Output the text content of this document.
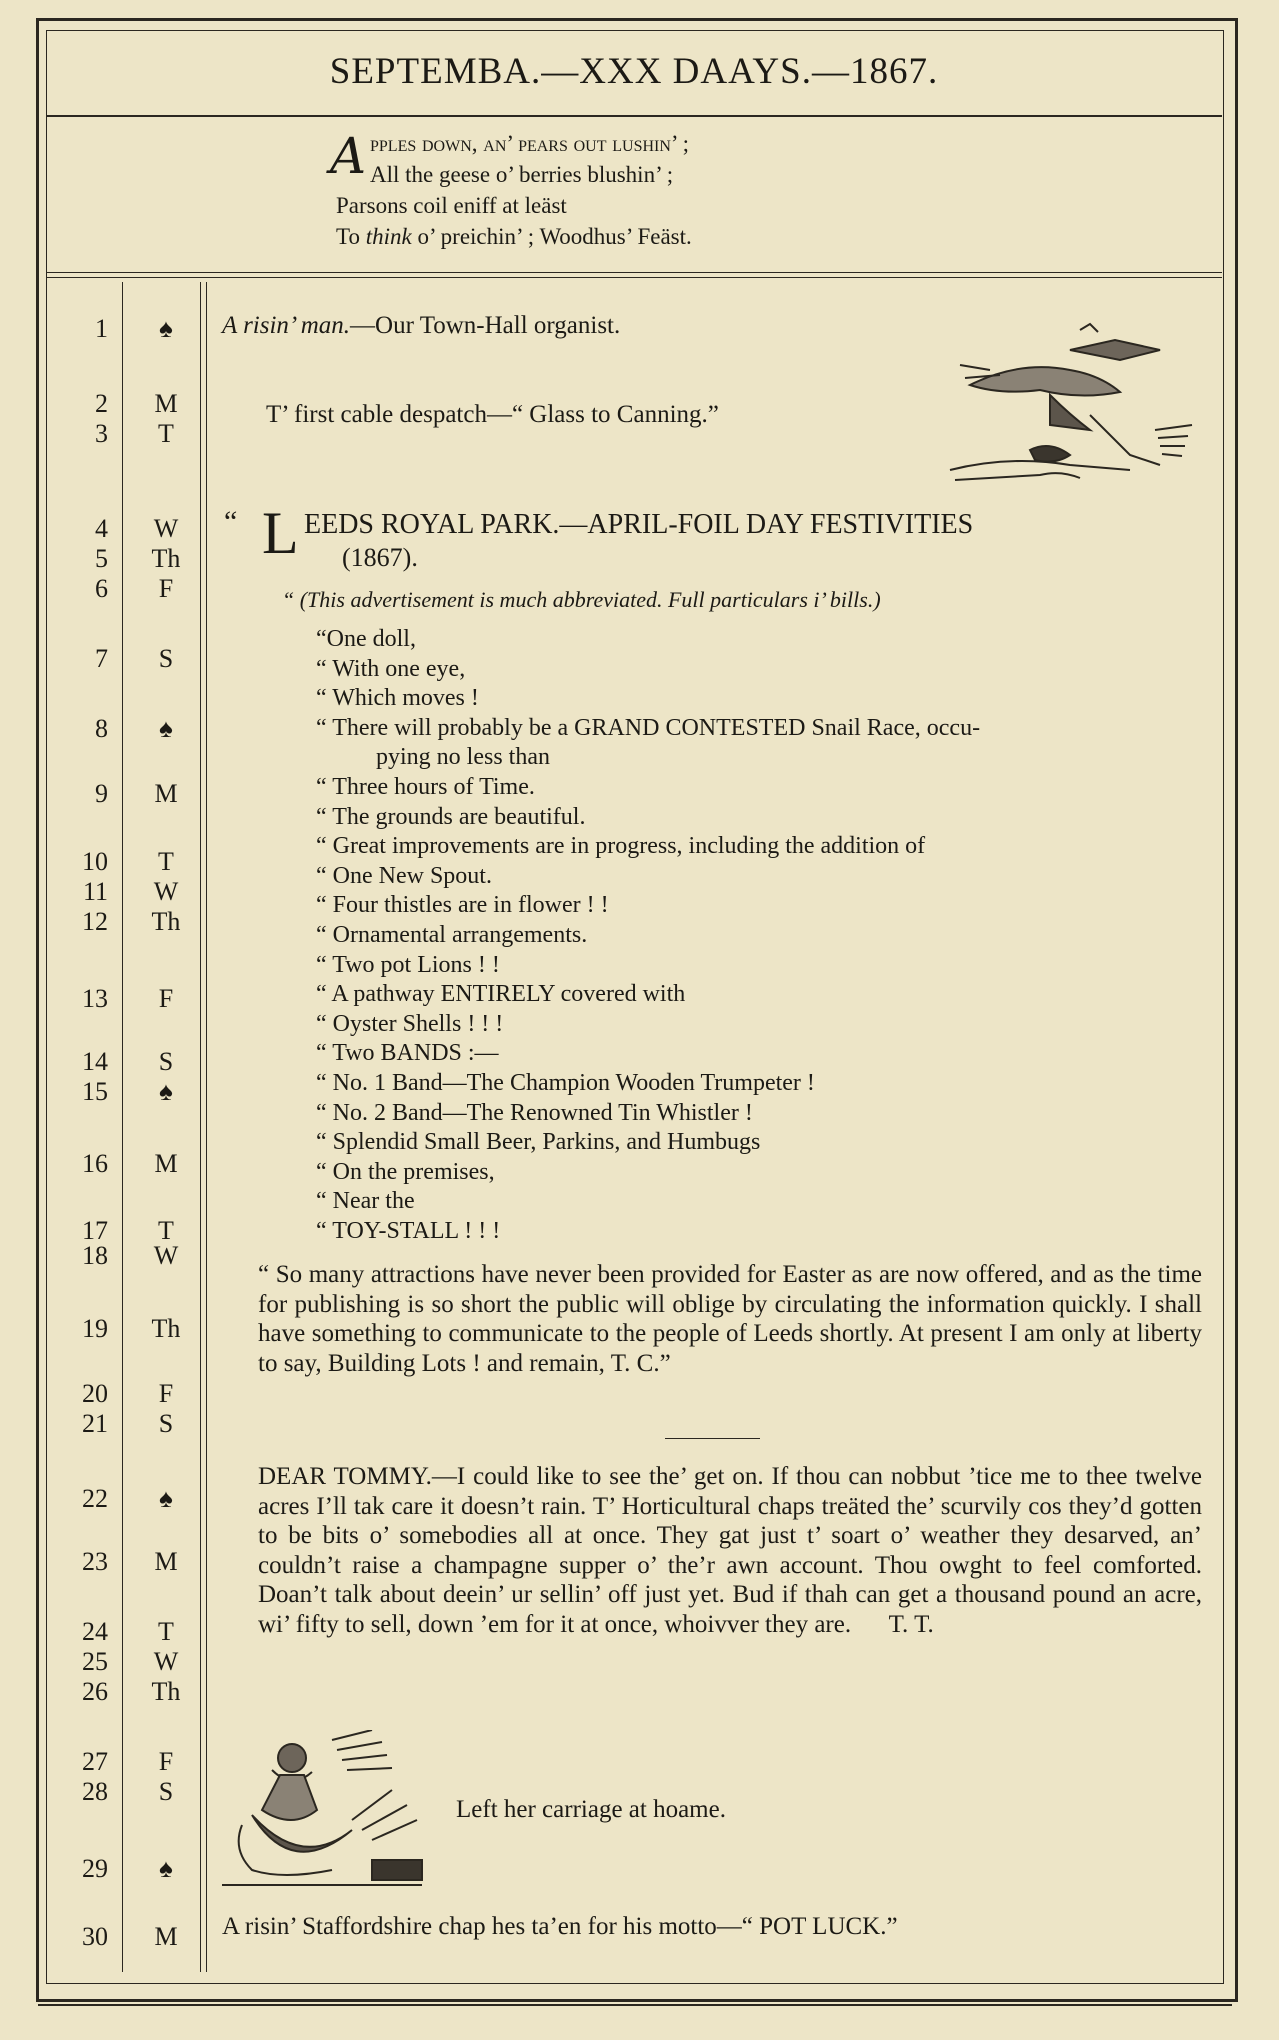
SEPTEMBA.—XXX DAAYS.—1867.
pples down, an’ pears out lushin’ ;
All the geese o’ berries blushin’ ;
Parsons coil eniff at leäst
To think o’ preichin’ ; Woodhus’ Feäst.
A
1	♠
2	M
3	T
4	W
5	Th
6	F
7	S
8	♠
9	M
10	T
11	W
12	Th
13	F
14	S
15	♠
16	M
17	T
18	W
19	Th
20	F
21	S
22	♠
23	M
24	T
25	W
26	Th
27	F
28	S
29	♠
30	M
A risin’ man.—Our Town-Hall organist.
T’ first cable despatch—“ Glass to Canning.”
“ L EEDS ROYAL PARK.—APRIL-FOIL DAY FESTIVITIES
(1867).
“ (This advertisement is much abbreviated. Full particulars i’ bills.)
“One doll,
“ With one eye,
“ Which moves !
“ There will probably be a GRAND CONTESTED Snail Race, occu-
pying no less than
“ Three hours of Time.
“ The grounds are beautiful.
“ Great improvements are in progress, including the addition of
“ One New Spout.
“ Four thistles are in flower ! !
“ Ornamental arrangements.
“ Two pot Lions ! !
“ A pathway ENTIRELY covered with
“ Oyster Shells ! ! !
“ Two BANDS :—
“ No. 1 Band—The Champion Wooden Trumpeter !
“ No. 2 Band—The Renowned Tin Whistler !
“ Splendid Small Beer, Parkins, and Humbugs
“ On the premises,
“ Near the
“ TOY-STALL ! ! !
“ So many attractions have never been provided for Easter as are now offered, and as the time for publishing is so short the public will oblige by circulating the information quickly. I shall have something to communicate to the people of Leeds shortly. At present I am only at liberty to say, Building Lots ! and remain, T. C.”
DEAR TOMMY.—I could like to see the’ get on. If thou can nobbut ’tice me to thee twelve acres I’ll tak care it doesn’t rain. T’ Horticultural chaps treäted the’ scurvily cos they’d gotten to be bits o’ somebodies all at once. They gat just t’ soart o’ weather they desarved, an’ couldn’t raise a champagne supper o’ the’r awn account. Thou owght to feel comforted. Doan’t talk about deein’ ur sellin’ off just yet. Bud if thah can get a thousand pound an acre, wi’ fifty to sell, down ’em for it at once, whoivver they are. T. T.
Left her carriage at hoame.
A risin’ Staffordshire chap hes ta’en for his motto—“ POT LUCK.”
